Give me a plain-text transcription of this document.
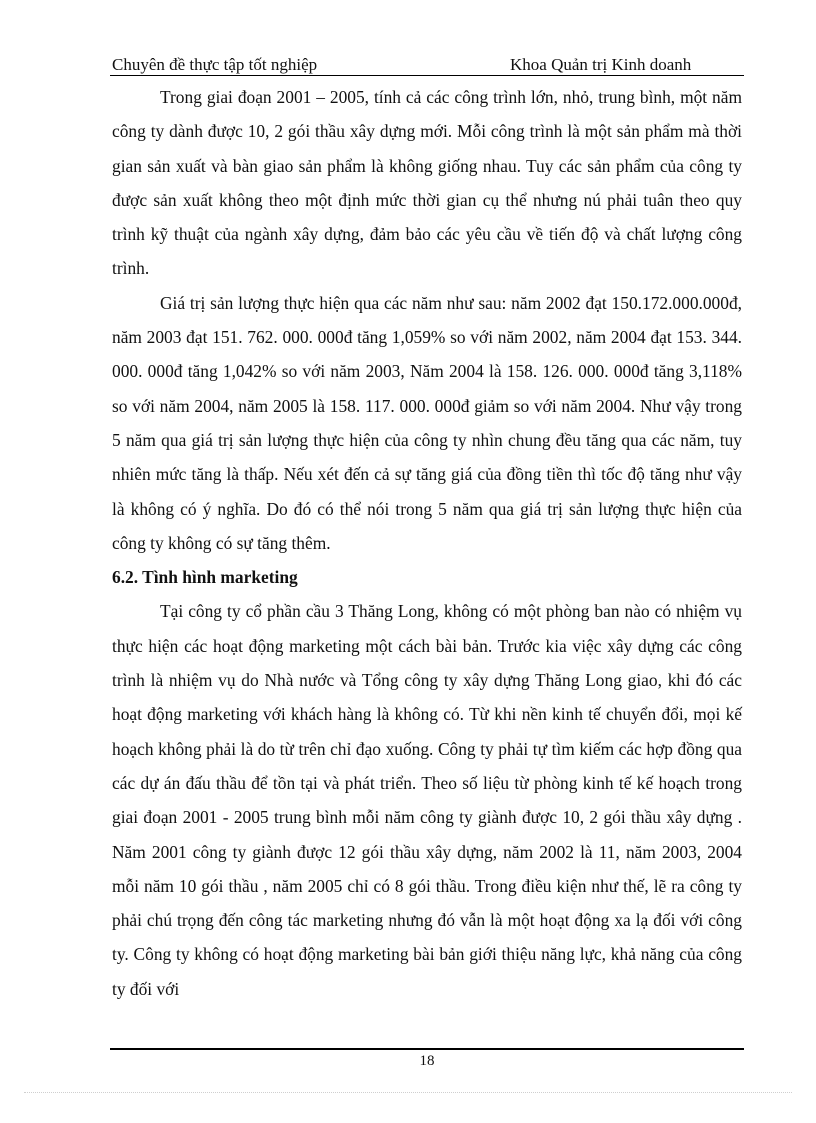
Chuyên đề thực tập tốt nghiệp	Khoa Quản trị Kinh doanh

Trong giai đoạn 2001 – 2005, tính cả các công trình lớn, nhỏ, trung bình, một năm công ty dành được 10, 2 gói thầu xây dựng mới. Mỗi công trình là một sản phẩm mà thời gian sản xuất và bàn giao sản phẩm là không giống nhau. Tuy các sản phẩm của công ty được sản xuất không theo một định mức thời gian cụ thể nhưng nú phải tuân theo quy trình kỹ thuật của ngành xây dựng, đảm bảo các yêu cầu về tiến độ và chất lượng công trình.

Giá trị sản lượng thực hiện qua các năm như sau: năm 2002 đạt 150.172.000.000đ, năm 2003 đạt 151. 762. 000. 000đ tăng 1,059% so với năm 2002, năm 2004 đạt 153. 344. 000. 000đ tăng 1,042% so với năm 2003, Năm 2004 là 158. 126. 000. 000đ tăng 3,118% so với năm 2004, năm 2005 là 158. 117. 000. 000đ giảm so với năm 2004. Như vậy trong 5 năm qua giá trị sản lượng thực hiện của công ty nhìn chung đều tăng qua các năm, tuy nhiên mức tăng là thấp. Nếu xét đến cả sự tăng giá của đồng tiền thì tốc độ tăng như vậy là không có ý nghĩa. Do đó có thể nói trong 5 năm qua giá trị sản lượng thực hiện của công ty không có sự tăng thêm.

6.2. Tình hình marketing

Tại công ty cổ phần cầu 3 Thăng Long, không có một phòng ban nào có nhiệm vụ thực hiện các hoạt động marketing một cách bài bản. Trước kia việc xây dựng các công trình là nhiệm vụ do Nhà nước và Tổng công ty xây dựng Thăng Long giao, khi đó các hoạt động marketing với khách hàng là không có. Từ khi nền kinh tế chuyển đổi, mọi kế hoạch không phải là do từ trên chỉ đạo xuống. Công ty phải tự tìm kiếm các hợp đồng qua các dự án đấu thầu để tồn tại và phát triển. Theo số liệu từ phòng kinh tế kế hoạch trong giai đoạn 2001 - 2005 trung bình mỗi năm công ty giành được 10, 2 gói thầu xây dựng . Năm 2001 công ty giành được 12 gói thầu xây dựng, năm 2002 là 11, năm 2003, 2004 mỗi năm 10 gói thầu , năm 2005 chỉ có 8 gói thầu. Trong điều kiện như thế, lẽ ra công ty phải chú trọng đến công tác marketing nhưng đó vẫn là một hoạt động xa lạ đối với công ty. Công ty không có hoạt động marketing bài bản giới thiệu năng lực, khả năng của công ty đối với

18
